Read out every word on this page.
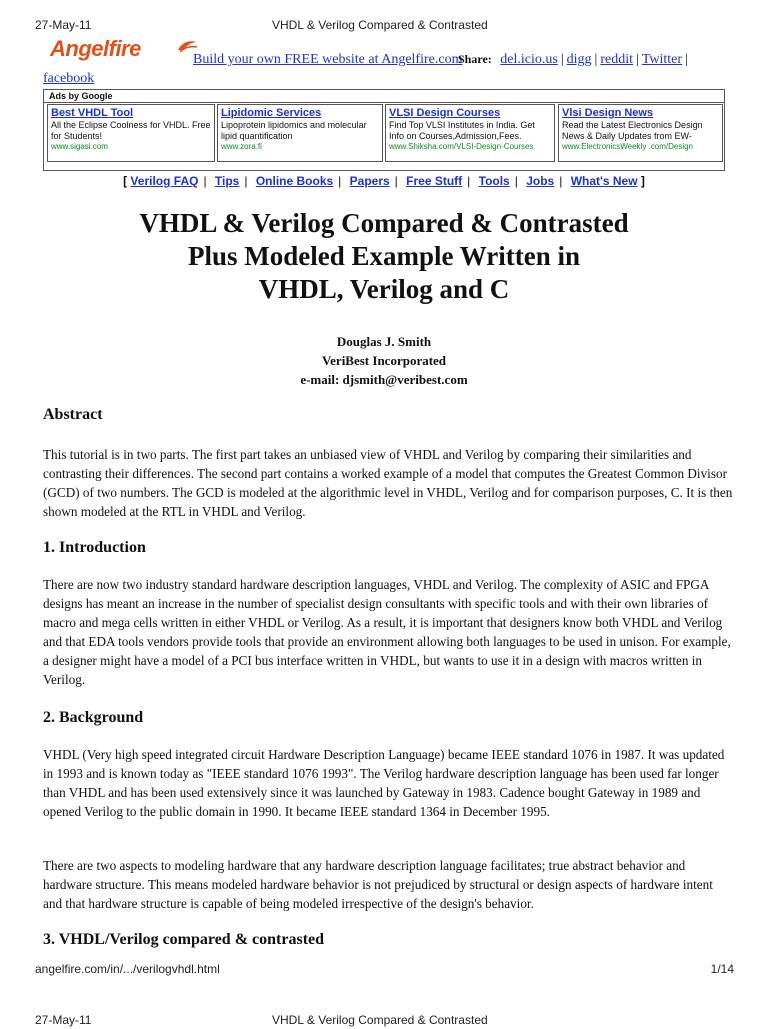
27-May-11	VHDL & Verilog Compared & Contrasted
Angelfire	Build your own FREE website at Angelfire.com
Share: del.icio.us | digg | reddit | Twitter |
facebook
Ads by Google
Best VHDL Tool
All the Eclipse Coolness for VHDL. Free for Students!
www.sigasi.com
Lipidomic Services
Lipoprotein lipidomics and molecular lipid quantification
www.zora.fi
VLSI Design Courses
Find Top VLSI Institutes in India. Get Info on Courses,Admission,Fees.
www.Shiksha.com/VLSI-Design-Courses
Vlsi Design News
Read the Latest Electronics Design News & Daily Updates from EW-
www.ElectronicsWeekly .com/Design
[ Verilog FAQ | Tips | Online Books | Papers | Free Stuff | Tools | Jobs | What's New ]
VHDL & Verilog Compared & Contrasted
Plus Modeled Example Written in
VHDL, Verilog and C
Douglas J. Smith
VeriBest Incorporated
e-mail: djsmith@veribest.com
Abstract

This tutorial is in two parts. The first part takes an unbiased view of VHDL and Verilog by comparing their similarities and contrasting their differences. The second part contains a worked example of a model that computes the Greatest Common Divisor (GCD) of two numbers. The GCD is modeled at the algorithmic level in VHDL, Verilog and for comparison purposes, C. It is then shown modeled at the RTL in VHDL and Verilog.

1. Introduction

There are now two industry standard hardware description languages, VHDL and Verilog. The complexity of ASIC and FPGA designs has meant an increase in the number of specialist design consultants with specific tools and with their own libraries of macro and mega cells written in either VHDL or Verilog. As a result, it is important that designers know both VHDL and Verilog and that EDA tools vendors provide tools that provide an environment allowing both languages to be used in unison. For example, a designer might have a model of a PCI bus interface written in VHDL, but wants to use it in a design with macros written in Verilog.

2. Background

VHDL (Very high speed integrated circuit Hardware Description Language) became IEEE standard 1076 in 1987. It was updated in 1993 and is known today as "IEEE standard 1076 1993". The Verilog hardware description language has been used far longer than VHDL and has been used extensively since it was launched by Gateway in 1983. Cadence bought Gateway in 1989 and opened Verilog to the public domain in 1990. It became IEEE standard 1364 in December 1995.

There are two aspects to modeling hardware that any hardware description language facilitates; true abstract behavior and hardware structure. This means modeled hardware behavior is not prejudiced by structural or design aspects of hardware intent and that hardware structure is capable of being modeled irrespective of the design's behavior.

3. VHDL/Verilog compared & contrasted
angelfire.com/in/.../verilogvhdl.html	1/14
27-May-11	VHDL & Verilog Compared & Contrasted
